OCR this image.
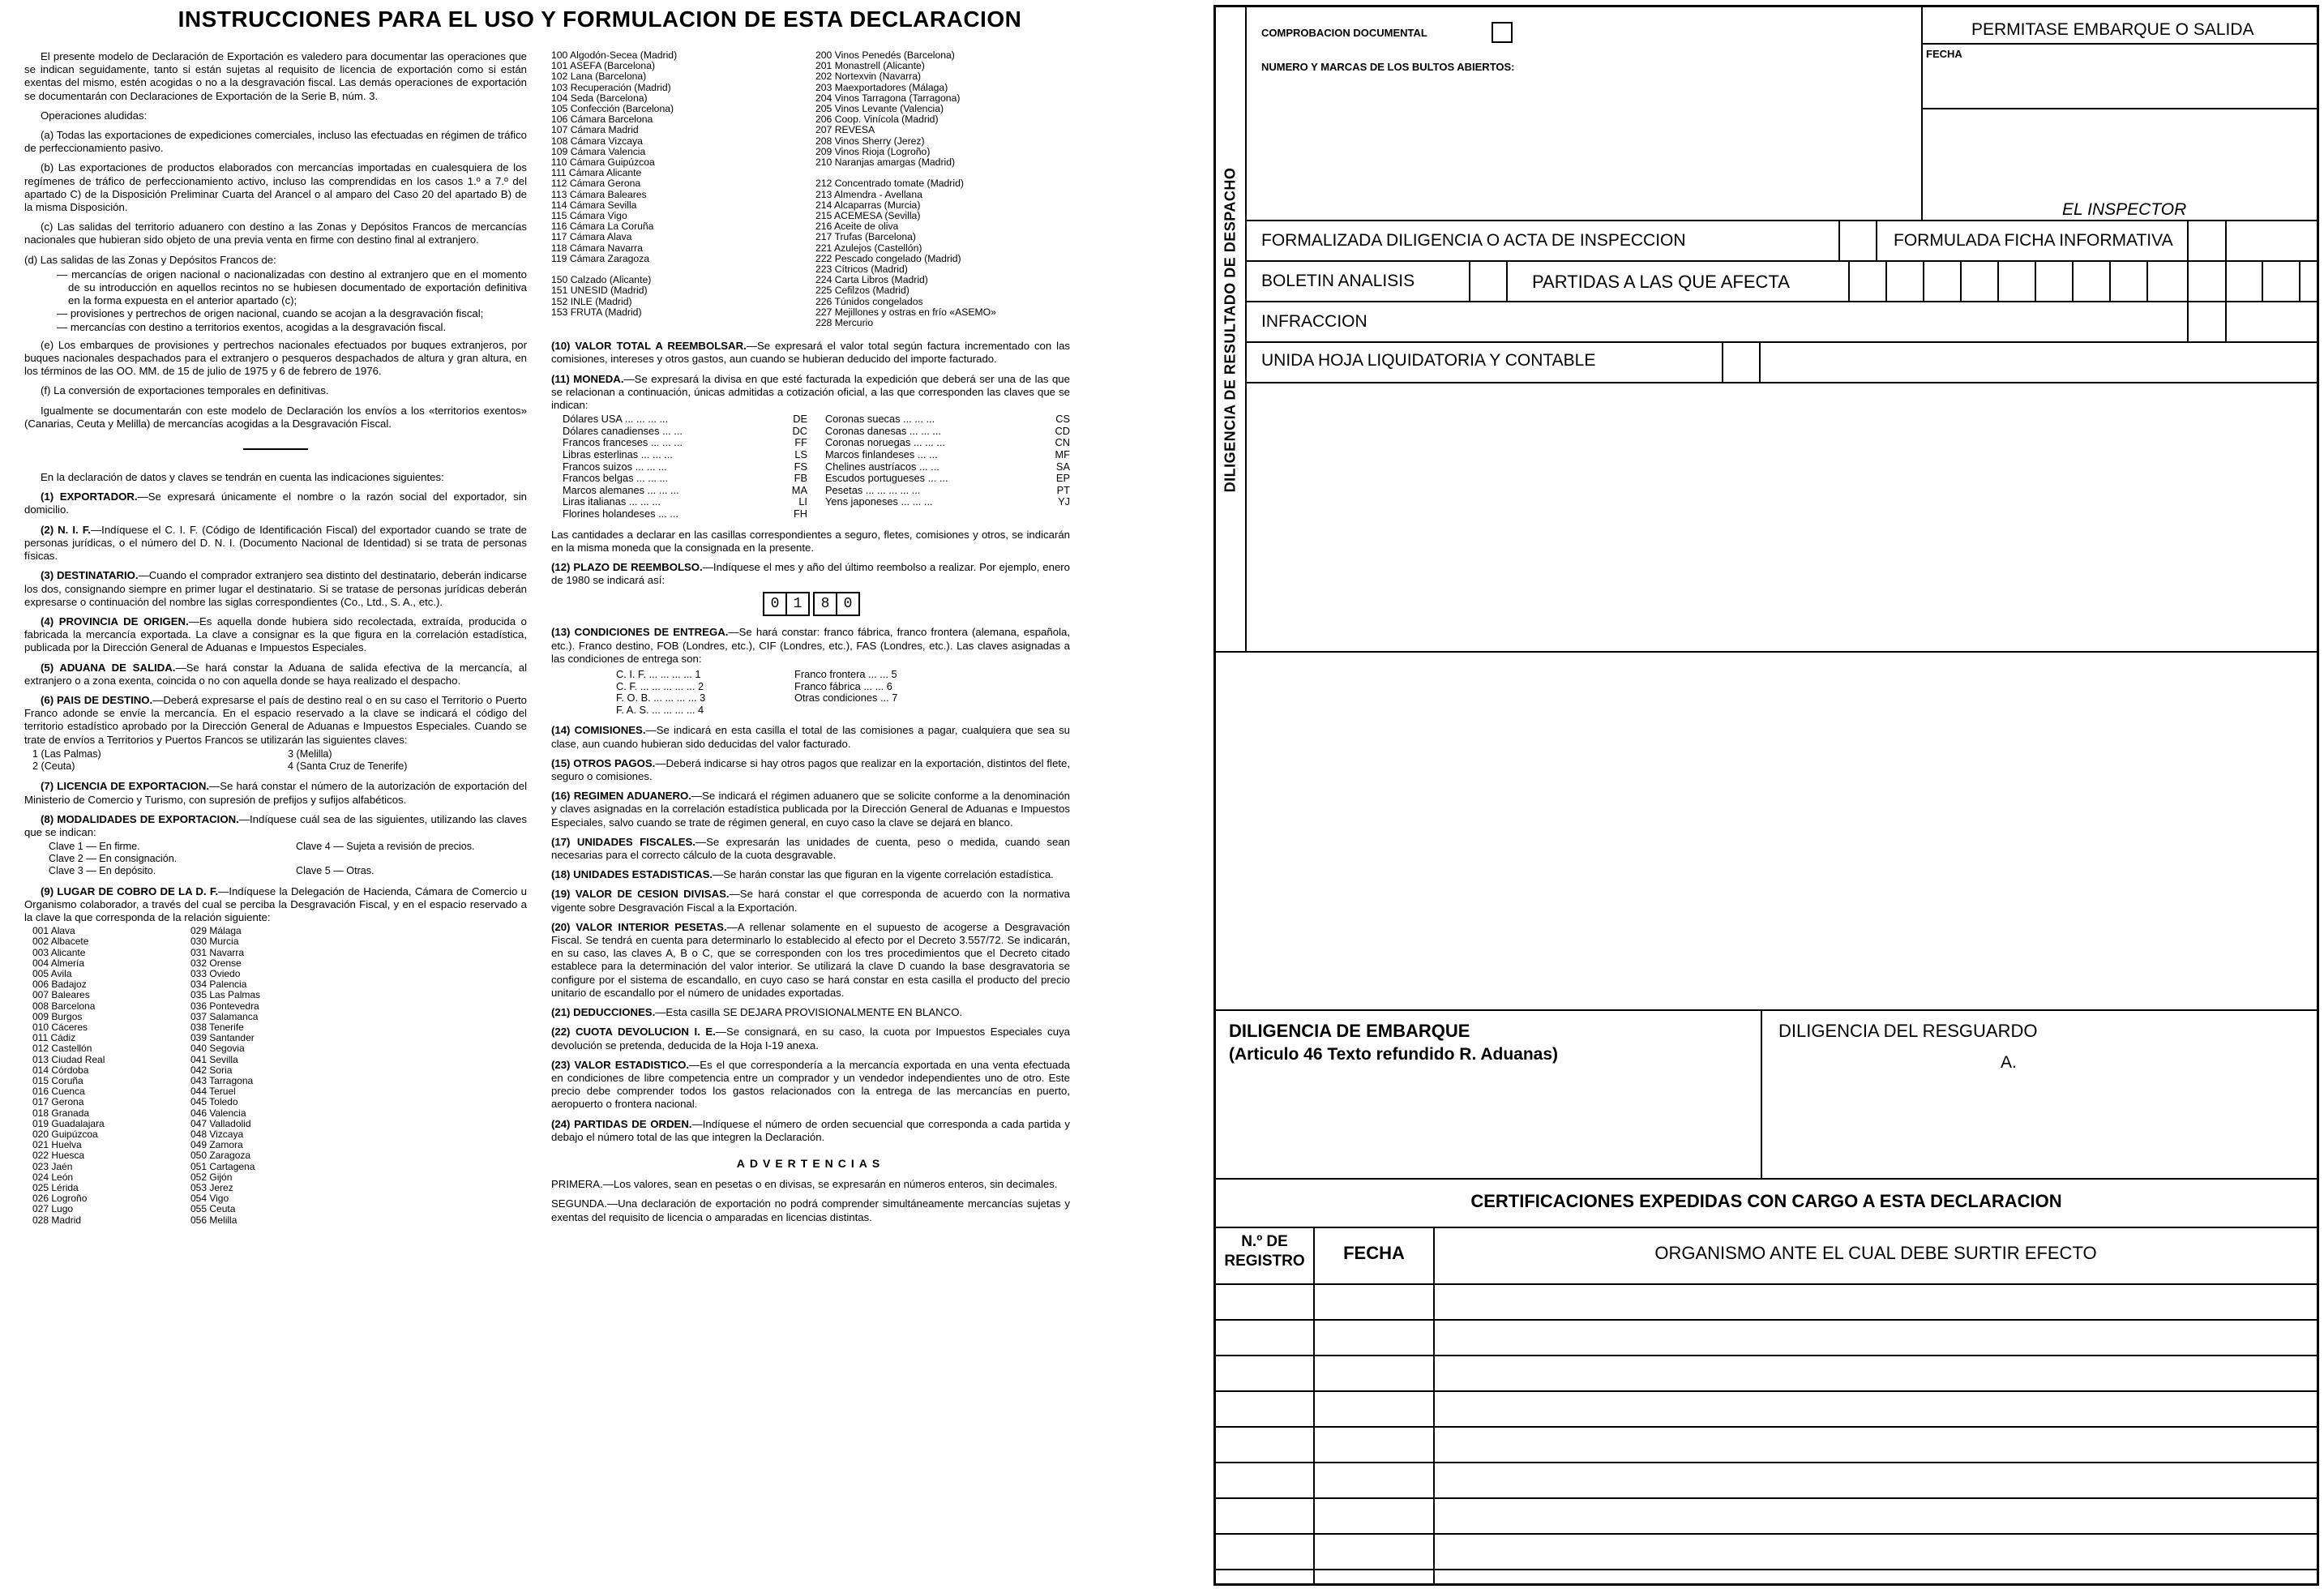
INSTRUCCIONES PARA EL USO Y FORMULACION DE ESTA DECLARACION

El presente modelo de Declaración de Exportación es valedero para documentar las operaciones que se indican seguidamente, tanto si están sujetas al requisito de licencia de exportación como si están exentas del mismo, estén acogidas o no a la desgravación fiscal. Las demás operaciones de exportación se documentarán con Declaraciones de Exportación de la Serie B, núm. 3.

Operaciones aludidas:

(a) Todas las exportaciones de expediciones comerciales, incluso las efectuadas en régimen de tráfico de perfeccionamiento pasivo.

(b) Las exportaciones de productos elaborados con mercancías importadas en cualesquiera de los regímenes de tráfico de perfeccionamiento activo, incluso las comprendidas en los casos 1.º a 7.º del apartado C) de la Disposición Preliminar Cuarta del Arancel o al amparo del Caso 20 del apartado B) de la misma Disposición.

(c) Las salidas del territorio aduanero con destino a las Zonas y Depósitos Francos de mercancías nacionales que hubieran sido objeto de una previa venta en firme con destino final al extranjero.

(d) Las salidas de las Zonas y Depósitos Francos de:

— mercancías de origen nacional o nacionalizadas con destino al extranjero que en el momento de su introducción en aquellos recintos no se hubiesen documentado de exportación definitiva en la forma expuesta en el anterior apartado (c);
— provisiones y pertrechos de origen nacional, cuando se acojan a la desgravación fiscal;
— mercancías con destino a territorios exentos, acogidas a la desgravación fiscal.

(e) Los embarques de provisiones y pertrechos nacionales efectuados por buques extranjeros, por buques nacionales despachados para el extranjero o pesqueros despachados de altura y gran altura, en los términos de las OO. MM. de 15 de julio de 1975 y 6 de febrero de 1976.

(f) La conversión de exportaciones temporales en definitivas.

Igualmente se documentarán con este modelo de Declaración los envíos a los «territorios exentos» (Canarias, Ceuta y Melilla) de mercancías acogidas a la Desgravación Fiscal.

En la declaración de datos y claves se tendrán en cuenta las indicaciones siguientes:

(1) EXPORTADOR.—Se expresará únicamente el nombre o la razón social del exportador, sin domicilio.

(2) N. I. F.—Indíquese el C. I. F. (Código de Identificación Fiscal) del exportador cuando se trate de personas jurídicas, o el número del D. N. I. (Documento Nacional de Identidad) si se trata de personas físicas.

(3) DESTINATARIO.—Cuando el comprador extranjero sea distinto del destinatario, deberán indicarse los dos, consignando siempre en primer lugar el destinatario. Si se tratase de personas jurídicas deberán expresarse o continuación del nombre las siglas correspondientes (Co., Ltd., S. A., etc.).

(4) PROVINCIA DE ORIGEN.—Es aquella donde hubiera sido recolectada, extraída, producida o fabricada la mercancía exportada. La clave a consignar es la que figura en la correlación estadística, publicada por la Dirección General de Aduanas e Impuestos Especiales.

(5) ADUANA DE SALIDA.—Se hará constar la Aduana de salida efectiva de la mercancía, al extranjero o a zona exenta, coincida o no con aquella donde se haya realizado el despacho.

(6) PAIS DE DESTINO.—Deberá expresarse el país de destino real o en su caso el Territorio o Puerto Franco adonde se envíe la mercancía. En el espacio reservado a la clave se indicará el código del territorio estadístico aprobado por la Dirección General de Aduanas e Impuestos Especiales. Cuando se trate de envíos a Territorios y Puertos Francos se utilizarán las siguientes claves:

1 (Las Palmas)	3 (Melilla)
2 (Ceuta)	4 (Santa Cruz de Tenerife)

(7) LICENCIA DE EXPORTACION.—Se hará constar el número de la autorización de exportación del Ministerio de Comercio y Turismo, con supresión de prefijos y sufijos alfabéticos.

(8) MODALIDADES DE EXPORTACION.—Indíquese cuál sea de las siguientes, utilizando las claves que se indican:

Clave 1 — En firme.	Clave 4 — Sujeta a revisión de precios.
Clave 2 — En consignación.
Clave 3 — En depósito.	Clave 5 — Otras.

(9) LUGAR DE COBRO DE LA D. F.—Indíquese la Delegación de Hacienda, Cámara de Comercio u Organismo colaborador, a través del cual se perciba la Desgravación Fiscal, y en el espacio reservado a la clave la que corresponda de la relación siguiente:

001 Alava	029 Málaga
002 Albacete	030 Murcia
003 Alicante	031 Navarra
004 Almería	032 Orense
005 Avila	033 Oviedo
006 Badajoz	034 Palencia
007 Baleares	035 Las Palmas
008 Barcelona	036 Pontevedra
009 Burgos	037 Salamanca
010 Cáceres	038 Tenerife
011 Cádiz	039 Santander
012 Castellón	040 Segovia
013 Ciudad Real	041 Sevilla
014 Córdoba	042 Soria
015 Coruña	043 Tarragona
016 Cuenca	044 Teruel
017 Gerona	045 Toledo
018 Granada	046 Valencia
019 Guadalajara	047 Valladolid
020 Guipúzcoa	048 Vizcaya
021 Huelva	049 Zamora
022 Huesca	050 Zaragoza
023 Jaén	051 Cartagena
024 León	052 Gijón
025 Lérida	053 Jerez
026 Logroño	054 Vigo
027 Lugo	055 Ceuta
028 Madrid	056 Melilla
100 Algodón-Secea (Madrid)	200 Vinos Penedés (Barcelona)
101 ASEFA (Barcelona)	201 Monastrell (Alicante)
102 Lana (Barcelona)	202 Nortexvin (Navarra)
103 Recuperación (Madrid)	203 Maexportadores (Málaga)
104 Seda (Barcelona)	204 Vinos Tarragona (Tarragona)
105 Confección (Barcelona)	205 Vinos Levante (Valencia)
106 Cámara Barcelona	206 Coop. Vinícola (Madrid)
107 Cámara Madrid	207 REVESA
108 Cámara Vizcaya	208 Vinos Sherry (Jerez)
109 Cámara Valencia	209 Vinos Rioja (Logroño)
110 Cámara Guipúzcoa	210 Naranjas amargas (Madrid)
111 Cámara Alicante
112 Cámara Gerona	212 Concentrado tomate (Madrid)
113 Cámara Baleares	213 Almendra - Avellana
114 Cámara Sevilla	214 Alcaparras (Murcia)
115 Cámara Vigo	215 ACEMESA (Sevilla)
116 Cámara La Coruña	216 Aceite de oliva
117 Cámara Alava	217 Trufas (Barcelona)
118 Cámara Navarra	221 Azulejos (Castellón)
119 Cámara Zaragoza	222 Pescado congelado (Madrid)
223 Cítricos (Madrid)
150 Calzado (Alicante)	224 Carta Libros (Madrid)
151 UNESID (Madrid)	225 Cefilzos (Madrid)
152 INLE (Madrid)	226 Túnidos congelados
153 FRUTA (Madrid)	227 Mejillones y ostras en frío «ASEMO»
228 Mercurio

(10) VALOR TOTAL A REEMBOLSAR.—Se expresará el valor total según factura incrementado con las comisiones, intereses y otros gastos, aun cuando se hubieran deducido del importe facturado.

(11) MONEDA.—Se expresará la divisa en que esté facturada la expedición que deberá ser una de las que se relacionan a continuación, únicas admitidas a cotización oficial, a las que corresponden las claves que se indican:

Dólares USA ... ... ... ...	DE Coronas suecas ... ... ...	CS
Dólares canadienses ... ...	DC Coronas danesas ... ... ...	CD
Francos franceses ... ... ...	FF Coronas noruegas ... ... ...	CN
Libras esterlinas ... ... ...	LS Marcos finlandeses ... ...	MF
Francos suizos ... ... ...	FS Chelines austríacos ... ...	SA
Francos belgas ... ... ...	FB Escudos portugueses ... ...	EP
Marcos alemanes ... ... ...	MA Pesetas ... ... ... ... ...	PT
Liras italianas ... ... ...	LI Yens japoneses ... ... ...	YJ
Florines holandeses ... ...	FH

Las cantidades a declarar en las casillas correspondientes a seguro, fletes, comisiones y otros, se indicarán en la misma moneda que la consignada en la presente.

(12) PLAZO DE REEMBOLSO.—Indíquese el mes y año del último reembolso a realizar. Por ejemplo, enero de 1980 se indicará así:

0 1	8 0

(13) CONDICIONES DE ENTREGA.—Se hará constar: franco fábrica, franco frontera (alemana, española, etc.). Franco destino, FOB (Londres, etc.), CIF (Londres, etc.), FAS (Londres, etc.). Las claves asignadas a las condiciones de entrega son:

C. I. F. ... ... ... ... 1	Franco frontera ... ... 5
C. F. ... ... ... ... ... 2	Franco fábrica ... ... 6
F. O. B. ... ... ... ... 3	Otras condiciones ... 7
F. A. S. ... ... ... ... 4

(14) COMISIONES.—Se indicará en esta casilla el total de las comisiones a pagar, cualquiera que sea su clase, aun cuando hubieran sido deducidas del valor facturado.

(15) OTROS PAGOS.—Deberá indicarse si hay otros pagos que realizar en la exportación, distintos del flete, seguro o comisiones.

(16) REGIMEN ADUANERO.—Se indicará el régimen aduanero que se solicite conforme a la denominación y claves asignadas en la correlación estadística publicada por la Dirección General de Aduanas e Impuestos Especiales, salvo cuando se trate de régimen general, en cuyo caso la clave se dejará en blanco.

(17) UNIDADES FISCALES.—Se expresarán las unidades de cuenta, peso o medida, cuando sean necesarias para el correcto cálculo de la cuota desgravable.

(18) UNIDADES ESTADISTICAS.—Se harán constar las que figuran en la vigente correlación estadística.

(19) VALOR DE CESION DIVISAS.—Se hará constar el que corresponda de acuerdo con la normativa vigente sobre Desgravación Fiscal a la Exportación.

(20) VALOR INTERIOR PESETAS.—A rellenar solamente en el supuesto de acogerse a Desgravación Fiscal. Se tendrá en cuenta para determinarlo lo establecido al efecto por el Decreto 3.557/72. Se indicarán, en su caso, las claves A, B o C, que se corresponden con los tres procedimientos que el Decreto citado establece para la determinación del valor interior. Se utilizará la clave D cuando la base desgravatoria se configure por el sistema de escandallo, en cuyo caso se hará constar en esta casilla el producto del precio unitario de escandallo por el número de unidades exportadas.

(21) DEDUCCIONES.—Esta casilla SE DEJARA PROVISIONALMENTE EN BLANCO.

(22) CUOTA DEVOLUCION I. E.—Se consignará, en su caso, la cuota por Impuestos Especiales cuya devolución se pretenda, deducida de la Hoja I-19 anexa.

(23) VALOR ESTADISTICO.—Es el que correspondería a la mercancía exportada en una venta efectuada en condiciones de libre competencia entre un comprador y un vendedor independientes uno de otro. Este precio debe comprender todos los gastos relacionados con la entrega de las mercancías en puerto, aeropuerto o frontera nacional.

(24) PARTIDAS DE ORDEN.—Indíquese el número de orden secuencial que corresponda a cada partida y debajo el número total de las que integren la Declaración.

ADVERTENCIAS

PRIMERA.—Los valores, sean en pesetas o en divisas, se expresarán en números enteros, sin decimales.

SEGUNDA.—Una declaración de exportación no podrá comprender simultáneamente mercancías sujetas y exentas del requisito de licencia o amparadas en licencias distintas.

DILIGENCIA DE RESULTADO DE DESPACHO
COMPROBACION DOCUMENTAL
NUMERO Y MARCAS DE LOS BULTOS ABIERTOS:
PERMITASE EMBARQUE O SALIDA
FECHA
EL INSPECTOR
FORMALIZADA DILIGENCIA O ACTA DE INSPECCION	FORMULADA FICHA INFORMATIVA
BOLETIN ANALISIS	PARTIDAS A LAS QUE AFECTA
INFRACCION
UNIDA HOJA LIQUIDATORIA Y CONTABLE
DILIGENCIA DE EMBARQUE
(Articulo 46 Texto refundido R. Aduanas)
DILIGENCIA DEL RESGUARDO
A.
CERTIFICACIONES EXPEDIDAS CON CARGO A ESTA DECLARACION
N.º DE
REGISTRO	FECHA	ORGANISMO ANTE EL CUAL DEBE SURTIR EFECTO
